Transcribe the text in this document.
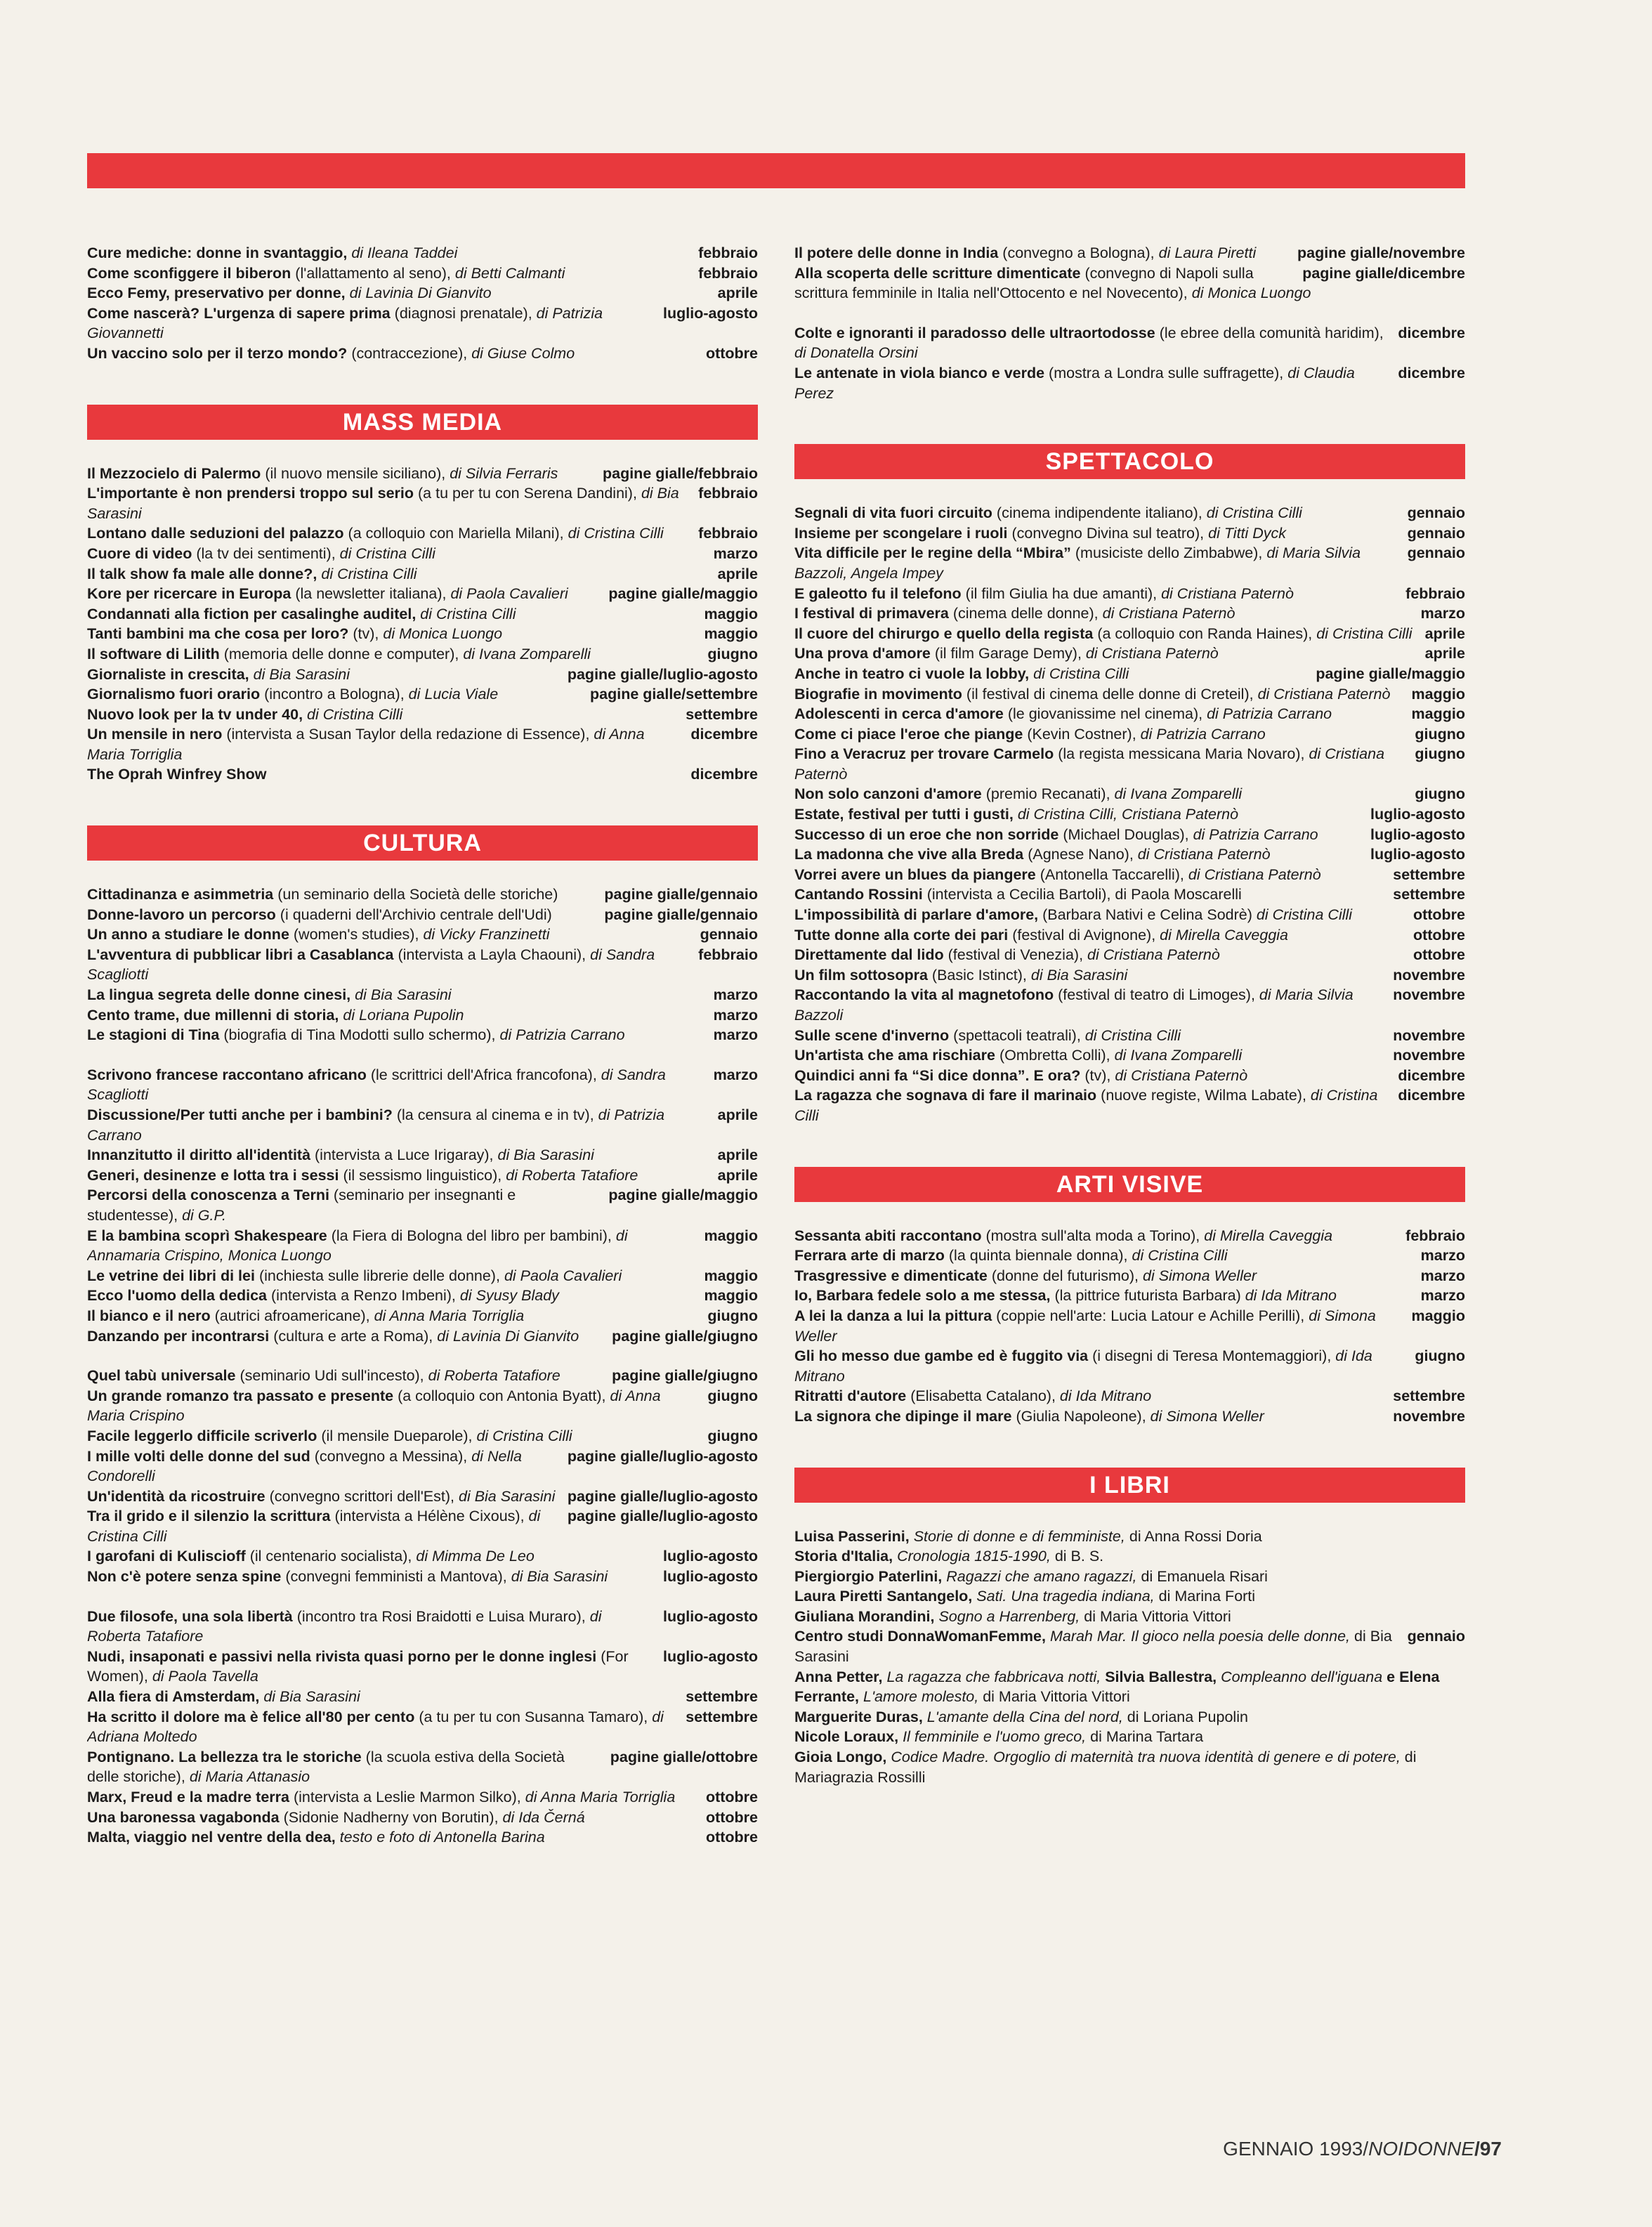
febbraio
Cure mediche: donne in svantaggio, di Ileana Taddei
febbraio
Come sconfiggere il biberon (l'allattamento al seno), di Betti Calmanti
aprile
Ecco Femy, preservativo per donne, di Lavinia Di Gianvito
luglio-agosto
Come nascerà? L'urgenza di sapere prima (diagnosi prenatale), di Patrizia Giovannetti
ottobre
Un vaccino solo per il terzo mondo? (contraccezione), di Giuse Colmo
MASS MEDIA
pagine gialle/febbraio
Il Mezzocielo di Palermo (il nuovo mensile siciliano), di Silvia Ferraris
febbraio
L'importante è non prendersi troppo sul serio (a tu per tu con Serena Dandini), di Bia Sarasini
febbraio
Lontano dalle seduzioni del palazzo (a colloquio con Mariella Milani), di Cristina Cilli
marzo
Cuore di video (la tv dei sentimenti), di Cristina Cilli
aprile
Il talk show fa male alle donne?, di Cristina Cilli
pagine gialle/maggio
Kore per ricercare in Europa (la newsletter italiana), di Paola Cavalieri
maggio
Condannati alla fiction per casalinghe auditel, di Cristina Cilli
maggio
Tanti bambini ma che cosa per loro? (tv), di Monica Luongo
giugno
Il software di Lilith (memoria delle donne e computer), di Ivana Zomparelli
pagine gialle/luglio-agosto
Giornaliste in crescita, di Bia Sarasini
pagine gialle/settembre
Giornalismo fuori orario (incontro a Bologna), di Lucia Viale
settembre
Nuovo look per la tv under 40, di Cristina Cilli
dicembre
Un mensile in nero (intervista a Susan Taylor della redazione di Essence), di Anna Maria Torriglia
dicembre
The Oprah Winfrey Show
CULTURA
pagine gialle/gennaio
Cittadinanza e asimmetria (un seminario della Società delle storiche)
pagine gialle/gennaio
Donne-lavoro un percorso (i quaderni dell'Archivio centrale dell'Udi)
gennaio
Un anno a studiare le donne (women's studies), di Vicky Franzinetti
febbraio
L'avventura di pubblicar libri a Casablanca (intervista a Layla Chaouni), di Sandra Scagliotti
marzo
La lingua segreta delle donne cinesi, di Bia Sarasini
marzo
Cento trame, due millenni di storia, di Loriana Pupolin
marzo
Le stagioni di Tina (biografia di Tina Modotti sullo schermo), di Patrizia Carrano
marzo
Scrivono francese raccontano africano (le scrittrici dell'Africa francofona), di Sandra Scagliotti
aprile
Discussione/Per tutti anche per i bambini? (la censura al cinema e in tv), di Patrizia Carrano
aprile
Innanzitutto il diritto all'identità (intervista a Luce Irigaray), di Bia Sarasini
aprile
Generi, desinenze e lotta tra i sessi (il sessismo linguistico), di Roberta Tatafiore
pagine gialle/maggio
Percorsi della conoscenza a Terni (seminario per insegnanti e studentesse), di G.P.
maggio
E la bambina scoprì Shakespeare (la Fiera di Bologna del libro per bambini), di Annamaria Crispino, Monica Luongo
maggio
Le vetrine dei libri di lei (inchiesta sulle librerie delle donne), di Paola Cavalieri
maggio
Ecco l'uomo della dedica (intervista a Renzo Imbeni), di Syusy Blady
giugno
Il bianco e il nero (autrici afroamericane), di Anna Maria Torriglia
pagine gialle/giugno
Danzando per incontrarsi (cultura e arte a Roma), di Lavinia Di Gianvito
pagine gialle/giugno
Quel tabù universale (seminario Udi sull'incesto), di Roberta Tatafiore
giugno
Un grande romanzo tra passato e presente (a colloquio con Antonia Byatt), di Anna Maria Crispino
giugno
Facile leggerlo difficile scriverlo (il mensile Dueparole), di Cristina Cilli
pagine gialle/luglio-agosto
I mille volti delle donne del sud (convegno a Messina), di Nella Condorelli
pagine gialle/luglio-agosto
Un'identità da ricostruire (convegno scrittori dell'Est), di Bia Sarasini
pagine gialle/luglio-agosto
Tra il grido e il silenzio la scrittura (intervista a Hélène Cixous), di Cristina Cilli
luglio-agosto
I garofani di Kuliscioff (il centenario socialista), di Mimma De Leo
luglio-agosto
Non c'è potere senza spine (convegni femministi a Mantova), di Bia Sarasini
luglio-agosto
Due filosofe, una sola libertà (incontro tra Rosi Braidotti e Luisa Muraro), di Roberta Tatafiore
luglio-agosto
Nudi, insaponati e passivi nella rivista quasi porno per le donne inglesi (For Women), di Paola Tavella
settembre
Alla fiera di Amsterdam, di Bia Sarasini
settembre
Ha scritto il dolore ma è felice all'80 per cento (a tu per tu con Susanna Tamaro), di Adriana Moltedo
pagine gialle/ottobre
Pontignano. La bellezza tra le storiche (la scuola estiva della Società delle storiche), di Maria Attanasio
ottobre
Marx, Freud e la madre terra (intervista a Leslie Marmon Silko), di Anna Maria Torriglia
ottobre
Una baronessa vagabonda (Sidonie Nadherny von Borutin), di Ida Černá
ottobre
Malta, viaggio nel ventre della dea, testo e foto di Antonella Barina
pagine gialle/novembre
Il potere delle donne in India (convegno a Bologna), di Laura Piretti
pagine gialle/dicembre
Alla scoperta delle scritture dimenticate (convegno di Napoli sulla scrittura femminile in Italia nell'Ottocento e nel Novecento), di Monica Luongo
dicembre
Colte e ignoranti il paradosso delle ultraortodosse (le ebree della comunità haridim), di Donatella Orsini
dicembre
Le antenate in viola bianco e verde (mostra a Londra sulle suffragette), di Claudia Perez
SPETTACOLO
gennaio
Segnali di vita fuori circuito (cinema indipendente italiano), di Cristina Cilli
gennaio
Insieme per scongelare i ruoli (convegno Divina sul teatro), di Titti Dyck
gennaio
Vita difficile per le regine della “Mbira” (musiciste dello Zimbabwe), di Maria Silvia Bazzoli, Angela Impey
febbraio
E galeotto fu il telefono (il film Giulia ha due amanti), di Cristiana Paternò
marzo
I festival di primavera (cinema delle donne), di Cristiana Paternò
aprile
Il cuore del chirurgo e quello della regista (a colloquio con Randa Haines), di Cristina Cilli
aprile
Una prova d'amore (il film Garage Demy), di Cristiana Paternò
pagine gialle/maggio
Anche in teatro ci vuole la lobby, di Cristina Cilli
maggio
Biografie in movimento (il festival di cinema delle donne di Creteil), di Cristiana Paternò
maggio
Adolescenti in cerca d'amore (le giovanissime nel cinema), di Patrizia Carrano
giugno
Come ci piace l'eroe che piange (Kevin Costner), di Patrizia Carrano
giugno
Fino a Veracruz per trovare Carmelo (la regista messicana Maria Novaro), di Cristiana Paternò
giugno
Non solo canzoni d'amore (premio Recanati), di Ivana Zomparelli
luglio-agosto
Estate, festival per tutti i gusti, di Cristina Cilli, Cristiana Paternò
luglio-agosto
Successo di un eroe che non sorride (Michael Douglas), di Patrizia Carrano
luglio-agosto
La madonna che vive alla Breda (Agnese Nano), di Cristiana Paternò
settembre
Vorrei avere un blues da piangere (Antonella Taccarelli), di Cristiana Paternò
settembre
Cantando Rossini (intervista a Cecilia Bartoli), di Paola Moscarelli
ottobre
L'impossibilità di parlare d'amore, (Barbara Nativi e Celina Sodrè) di Cristina Cilli
ottobre
Tutte donne alla corte dei pari (festival di Avignone), di Mirella Caveggia
ottobre
Direttamente dal lido (festival di Venezia), di Cristiana Paternò
novembre
Un film sottosopra (Basic Istinct), di Bia Sarasini
novembre
Raccontando la vita al magnetofono (festival di teatro di Limoges), di Maria Silvia Bazzoli
novembre
Sulle scene d'inverno (spettacoli teatrali), di Cristina Cilli
novembre
Un'artista che ama rischiare (Ombretta Colli), di Ivana Zomparelli
dicembre
Quindici anni fa “Si dice donna”. E ora? (tv), di Cristiana Paternò
dicembre
La ragazza che sognava di fare il marinaio (nuove registe, Wilma Labate), di Cristina Cilli
ARTI VISIVE
febbraio
Sessanta abiti raccontano (mostra sull'alta moda a Torino), di Mirella Caveggia
marzo
Ferrara arte di marzo (la quinta biennale donna), di Cristina Cilli
marzo
Trasgressive e dimenticate (donne del futurismo), di Simona Weller
marzo
Io, Barbara fedele solo a me stessa, (la pittrice futurista Barbara) di Ida Mitrano
maggio
A lei la danza a lui la pittura (coppie nell'arte: Lucia Latour e Achille Perilli), di Simona Weller
giugno
Gli ho messo due gambe ed è fuggito via (i disegni di Teresa Montemaggiori), di Ida Mitrano
settembre
Ritratti d'autore (Elisabetta Catalano), di Ida Mitrano
novembre
La signora che dipinge il mare (Giulia Napoleone), di Simona Weller
I LIBRI
Luisa Passerini, Storie di donne e di femministe, di Anna Rossi Doria
Storia d'Italia, Cronologia 1815-1990, di B. S.
Piergiorgio Paterlini, Ragazzi che amano ragazzi, di Emanuela Risari
Laura Piretti Santangelo, Sati. Una tragedia indiana, di Marina Forti
Giuliana Morandini, Sogno a Harrenberg, di Maria Vittoria Vittori
gennaio
Centro studi DonnaWomanFemme, Marah Mar. Il gioco nella poesia delle donne, di Bia Sarasini
Anna Petter, La ragazza che fabbricava notti, Silvia Ballestra, Compleanno dell'iguana e Elena Ferrante, L'amore molesto, di Maria Vittoria Vittori
Marguerite Duras, L'amante della Cina del nord, di Loriana Pupolin
Nicole Loraux, Il femminile e l'uomo greco, di Marina Tartara
Gioia Longo, Codice Madre. Orgoglio di maternità tra nuova identità di genere e di potere, di Mariagrazia Rossilli
GENNAIO 1993/NOIDONNE/97
